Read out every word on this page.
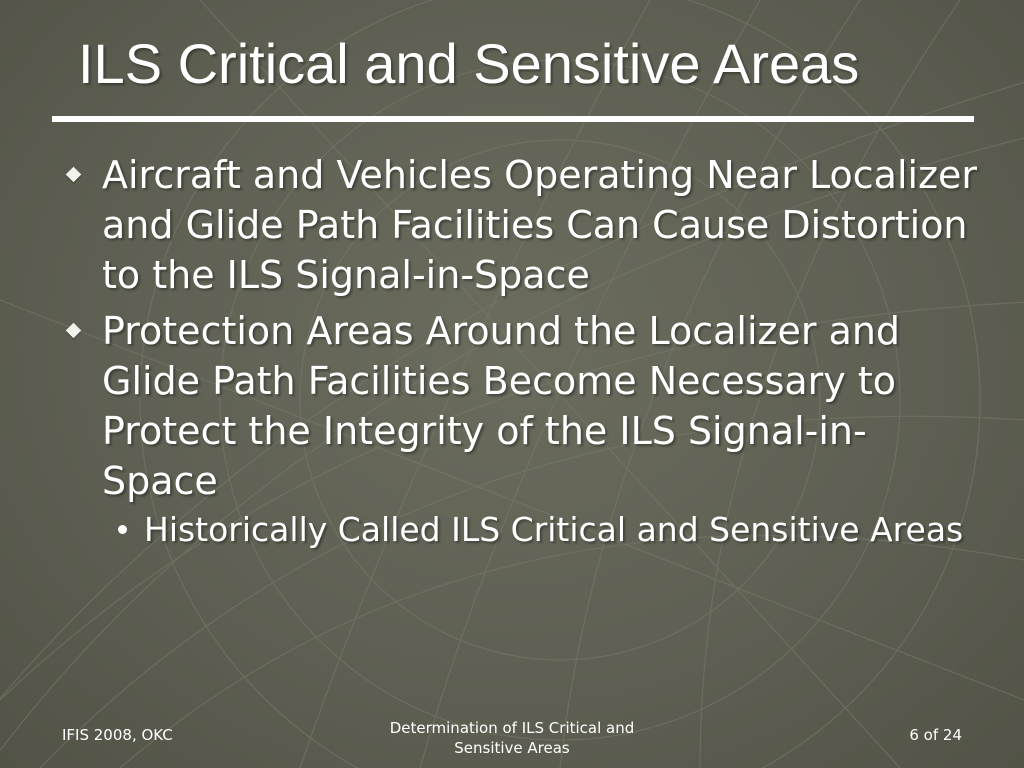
ILS Critical and Sensitive Areas
Aircraft and Vehicles Operating Near Localizer and Glide Path Facilities Can Cause Distortion to the ILS Signal-in-Space
Protection Areas Around the Localizer and Glide Path Facilities Become Necessary to Protect the Integrity of the ILS Signal-in-Space
Historically Called ILS Critical and Sensitive Areas
IFIS 2008, OKC	Determination of ILS Critical and
Sensitive Areas
6 of 24
